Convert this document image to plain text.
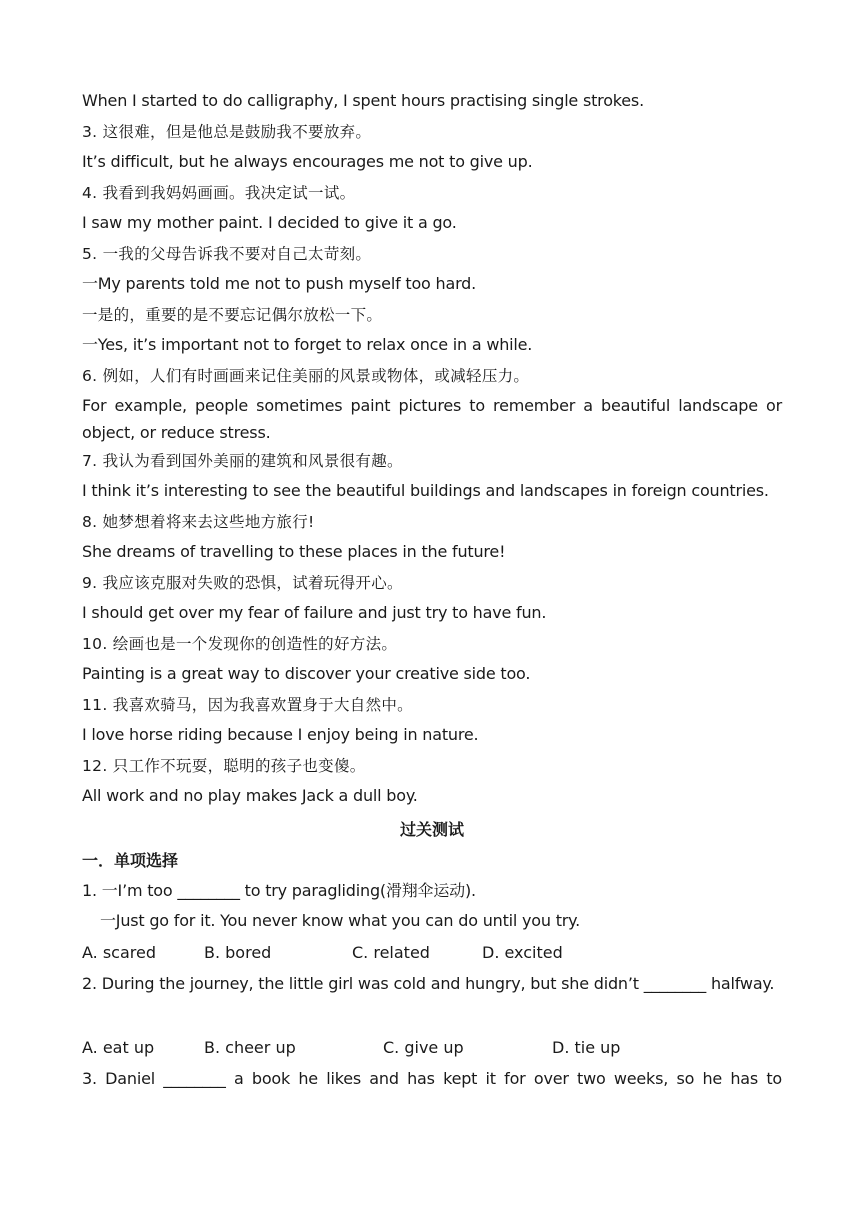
When I started to do calligraphy, I spent hours practising single strokes.
3. 这很难，但是他总是鼓励我不要放弃。
It’s difficult, but he always encourages me not to give up.
4. 我看到我妈妈画画。我决定试一试。
I saw my mother paint. I decided to give it a go.
5. 一我的父母告诉我不要对自己太苛刻。
一My parents told me not to push myself too hard.
一是的，重要的是不要忘记偶尔放松一下。
一Yes, it’s important not to forget to relax once in a while.
6. 例如，人们有时画画来记住美丽的风景或物体，或减轻压力。
For example, people sometimes paint pictures to remember a beautiful landscape or
object, or reduce stress.
7. 我认为看到国外美丽的建筑和风景很有趣。
I think it’s interesting to see the beautiful buildings and landscapes in foreign countries.
8. 她梦想着将来去这些地方旅行!
She dreams of travelling to these places in the future!
9. 我应该克服对失败的恐惧，试着玩得开心。
I should get over my fear of failure and just try to have fun.
10. 绘画也是一个发现你的创造性的好方法。
Painting is a great way to discover your creative side too.
11. 我喜欢骑马，因为我喜欢置身于大自然中。
I love horse riding because I enjoy being in nature.
12. 只工作不玩耍，聪明的孩子也变傻。
All work and no play makes Jack a dull boy.
过关测试
一．单项选择
1. 一I’m too ________ to try paragliding(滑翔伞运动).
一Just go for it. You never know what you can do until you try.
A. scared	B. bored	C. related	D. excited
2. During the journey, the little girl was cold and hungry, but she didn’t ________ halfway.
A. eat up	B. cheer up	C. give up	D. tie up
3. Daniel ________ a book he likes and has kept it for over two weeks, so he has to
